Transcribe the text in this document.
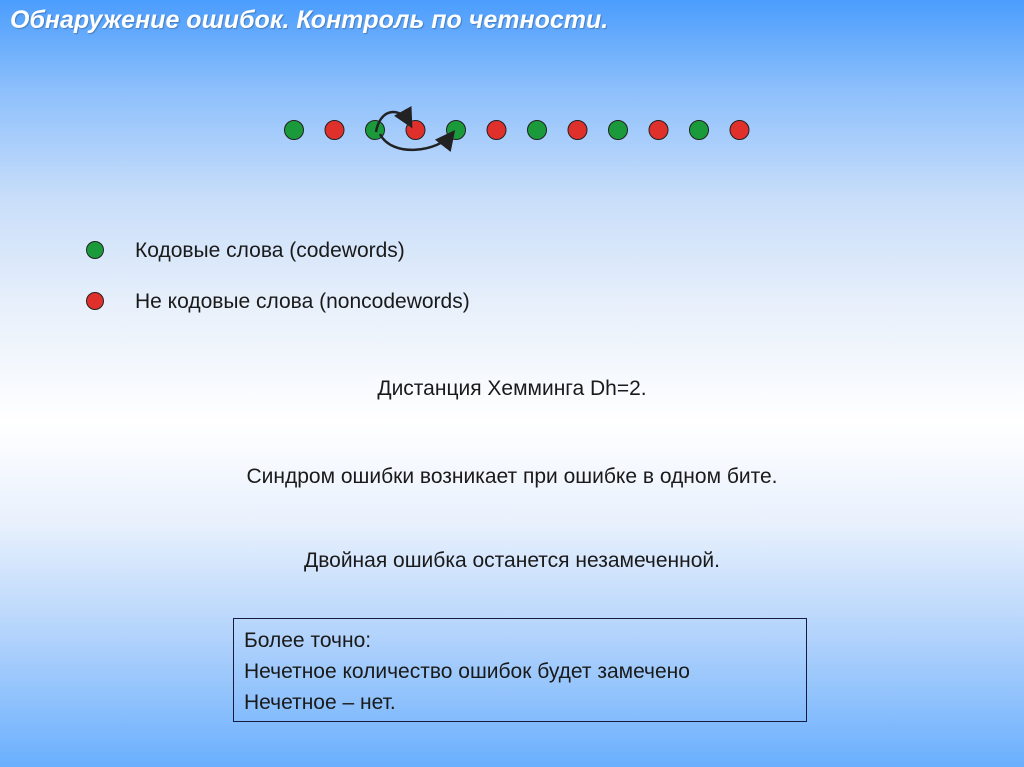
Обнаружение ошибок. Контроль по четности.
Кодовые слова (codewords)
Не кодовые слова (noncodewords)
Дистанция Хемминга Dh=2.
Синдром ошибки возникает при ошибке в одном бите.
Двойная ошибка останется незамеченной.
Более точно:
Нечетное количество ошибок будет замечено
Нечетное – нет.
